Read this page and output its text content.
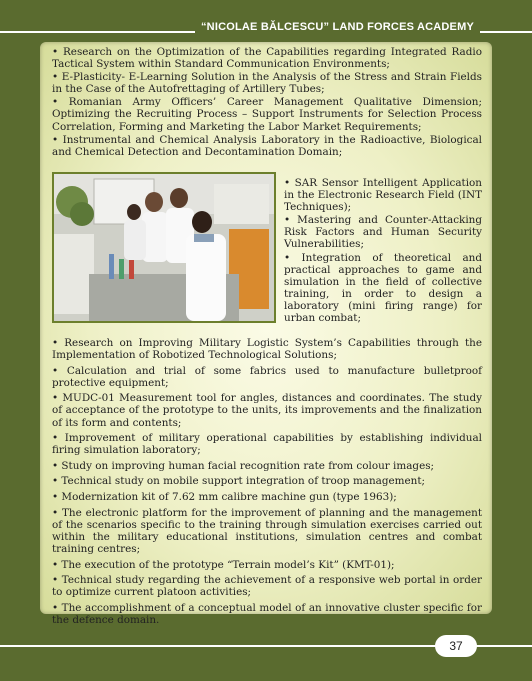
“NICOLAE BĂLCESCU” LAND FORCES ACADEMY

• Research on the Optimization of the Capabilities regarding Integrated Radio Tactical System within Standard Communication Environments;

• E-Plasticity- E-Learning Solution in the Analysis of the Stress and Strain Fields in the Case of the Autofrettaging of Artillery Tubes;

• Romanian Army Officers’ Career Management Qualitative Dimension; Optimizing the Recruiting Process – Support Instruments for Selection Process Correlation, Forming and Marketing the Labor Market Requirements;

• Instrumental and Chemical Analysis Laboratory in the Radioactive, Biological and Chemical Detection and Decontamination Domain;

• SAR Sensor Intelligent Application in the Electronic Research Field (INT Techniques);

• Mastering and Counter-Attacking Risk Factors and Human Security Vulnerabilities;

• Integration of theoretical and practical approaches to game and simulation in the field of collective training, in order to design a laboratory (mini firing range) for urban combat;

• Research on Improving Military Logistic System’s Capabilities through the Implementation of Robotized Technological Solutions;

• Calculation and trial of some fabrics used to manufacture bulletproof protective equipment;

• MUDC-01 Measurement tool for angles, distances and coordinates. The study of acceptance of the prototype to the units, its improvements and the finalization of its form and contents;

• Improvement of military operational capabilities by establishing individual firing simulation laboratory;

• Study on improving human facial recognition rate from colour images;

• Technical study on mobile support integration of troop management;

• Modernization kit of 7.62 mm calibre machine gun (type 1963);

• The electronic platform for the improvement of planning and the management of the scenarios specific to the training through simulation exercises carried out within the military educational institutions, simulation centres and combat training centres;

• The execution of the prototype “Terrain model’s Kit” (KMT-01);

• Technical study regarding the achievement of a responsive web portal in order to optimize current platoon activities;

• The accomplishment of a conceptual model of an innovative cluster specific for the defence domain.

37
